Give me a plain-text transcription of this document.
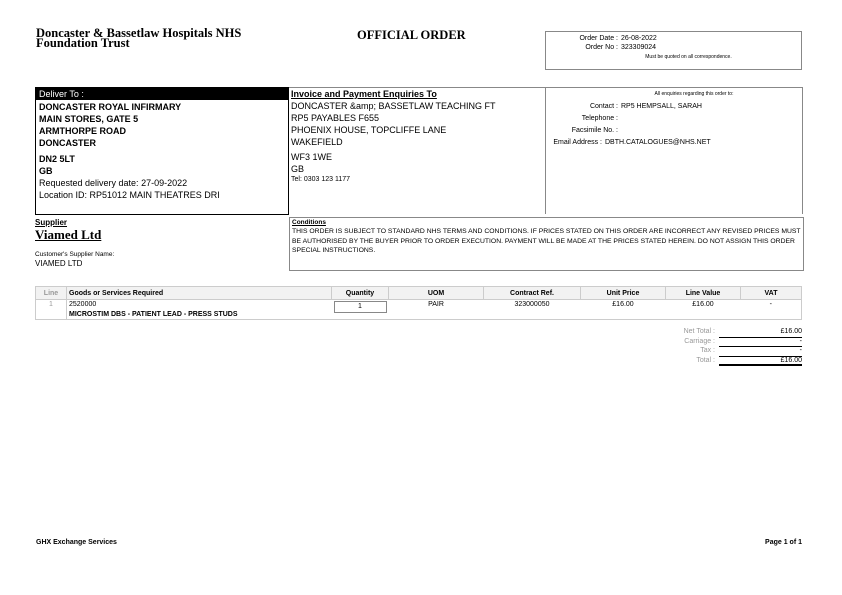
Doncaster & Bassetlaw Hospitals NHS
Foundation Trust
OFFICIAL ORDER	Order Date : 26-08-2022
Order No : 323309024
Must be quoted on all correspondence.
Deliver To :
DONCASTER ROYAL INFIRMARY
MAIN STORES, GATE 5
ARMTHORPE ROAD
DONCASTER
DN2 5LT
GB
Requested delivery date: 27-09-2022
Location ID: RP51012 MAIN THEATRES DRI
Invoice and Payment Enquiries To
DONCASTER &amp; BASSETLAW TEACHING FT
RP5 PAYABLES F655
PHOENIX HOUSE, TOPCLIFFE LANE
WAKEFIELD
WF3 1WE
GB
Tel: 0303 123 1177
All enquiries regarding this order to:
Contact : RP5 HEMPSALL, SARAH
Telephone :
Facsimile No. :
Email Address : DBTH.CATALOGUES@NHS.NET
Supplier
Viamed Ltd
Customer's Supplier Name:
VIAMED LTD
Conditions
THIS ORDER IS SUBJECT TO STANDARD NHS TERMS AND CONDITIONS. IF PRICES STATED ON THIS ORDER ARE INCORRECT ANY REVISED PRICES MUST BE AUTHORISED BY THE BUYER PRIOR TO ORDER EXECUTION. PAYMENT WILL BE MADE AT THE PRICES STATED HEREIN. DO NOT ASSIGN THIS ORDER SPECIAL INSTRUCTIONS.
Line	Goods or Services Required	Quantity	UOM	Contract Ref.	Unit Price	Line Value	VAT
1	2520000
MICROSTIM DBS - PATIENT LEAD - PRESS STUDS	1	PAIR	323000050	£16.00	£16.00	-
Net Total :	£16.00
Carriage :	-
Tax :	-
Total :	£16.00
GHX Exchange Services	Page 1 of 1
